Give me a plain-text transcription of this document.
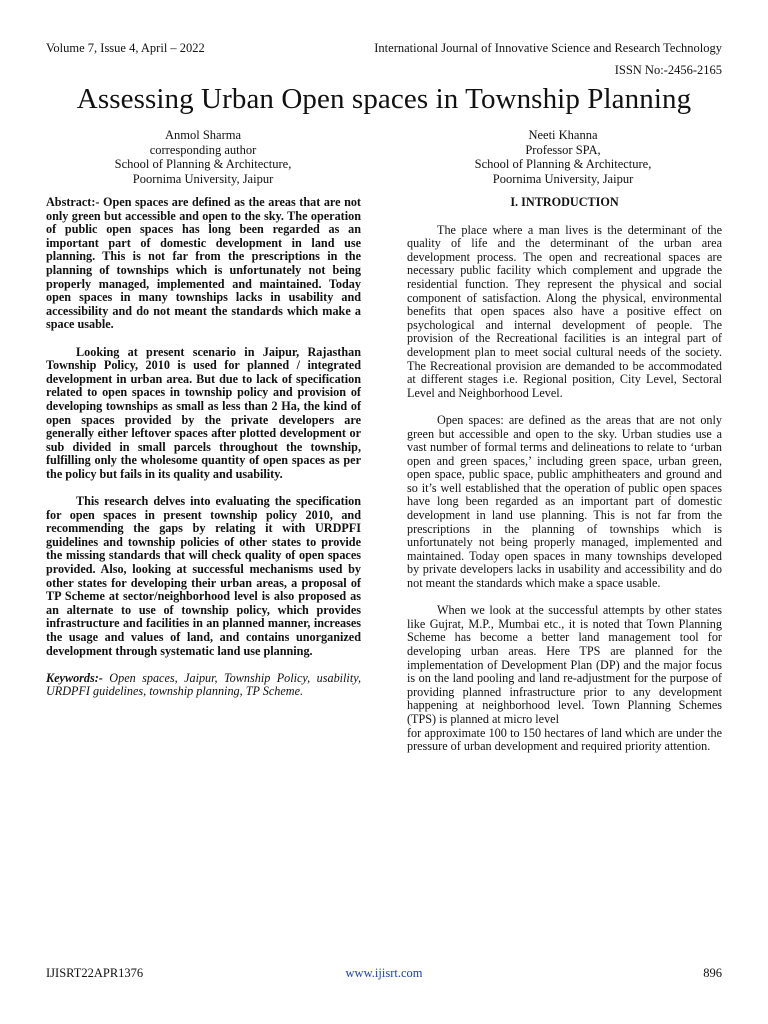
Volume 7, Issue 4, April – 2022	International Journal of Innovative Science and Research Technology
ISSN No:-2456-2165
Assessing Urban Open spaces in Township Planning
Anmol Sharma
corresponding author
School of Planning & Architecture,
Poornima University, Jaipur
Neeti Khanna
Professor SPA,
School of Planning & Architecture,
Poornima University, Jaipur

Abstract:- Open spaces are defined as the areas that are not only green but accessible and open to the sky. The operation of public open spaces has long been regarded as an important part of domestic development in land use planning. This is not far from the prescriptions in the planning of townships which is unfortunately not being properly managed, implemented and maintained. Today open spaces in many townships lacks in usability and accessibility and do not meant the standards which make a space usable.

Looking at present scenario in Jaipur, Rajasthan Township Policy, 2010 is used for planned / integrated development in urban area. But due to lack of specification related to open spaces in township policy and provision of developing townships as small as less than 2 Ha, the kind of open spaces provided by the private developers are generally either leftover spaces after plotted development or sub divided in small parcels throughout the township, fulfilling only the wholesome quantity of open spaces as per the policy but fails in its quality and usability.

This research delves into evaluating the specification for open spaces in present township policy 2010, and recommending the gaps by relating it with URDPFI guidelines and township policies of other states to provide the missing standards that will check quality of open spaces provided. Also, looking at successful mechanisms used by other states for developing their urban areas, a proposal of TP Scheme at sector/neighborhood level is also proposed as an alternate to use of township policy, which provides infrastructure and facilities in an planned manner, increases the usage and values of land, and contains unorganized development through systematic land use planning.

Keywords:- Open spaces, Jaipur, Township Policy, usability, URDPFI guidelines, township planning, TP Scheme.

I. INTRODUCTION

The place where a man lives is the determinant of the quality of life and the determinant of the urban area development process. The open and recreational spaces are necessary public facility which complement and upgrade the residential function. They represent the physical and social component of satisfaction. Along the physical, environmental benefits that open spaces also have a positive effect on psychological and internal development of people. The provision of the Recreational facilities is an integral part of development plan to meet social cultural needs of the society. The Recreational provision are demanded to be accommodated at different stages i.e. Regional position, City Level, Sectoral Level and Neighborhood Level.

Open spaces: are defined as the areas that are not only green but accessible and open to the sky. Urban studies use a vast number of formal terms and delineations to relate to ‘urban open and green spaces,’ including green space, urban green, open space, public space, public amphitheaters and ground and so it’s well established that the operation of public open spaces have long been regarded as an important part of domestic development in land use planning. This is not far from the prescriptions in the planning of townships which is unfortunately not being properly managed, implemented and maintained. Today open spaces in many townships developed by private developers lacks in usability and accessibility and do not meant the standards which make a space usable.

When we look at the successful attempts by other states like Gujrat, M.P., Mumbai etc., it is noted that Town Planning Scheme has become a better land management tool for developing urban areas. Here TPS are planned for the implementation of Development Plan (DP) and the major focus is on the land pooling and land re-adjustment for the purpose of providing planned infrastructure prior to any development happening at neighborhood level. Town Planning Schemes (TPS) is planned at micro level

for approximate 100 to 150 hectares of land which are under the pressure of urban development and required priority attention.

IJISRT22APR1376	www.ijisrt.com	896
